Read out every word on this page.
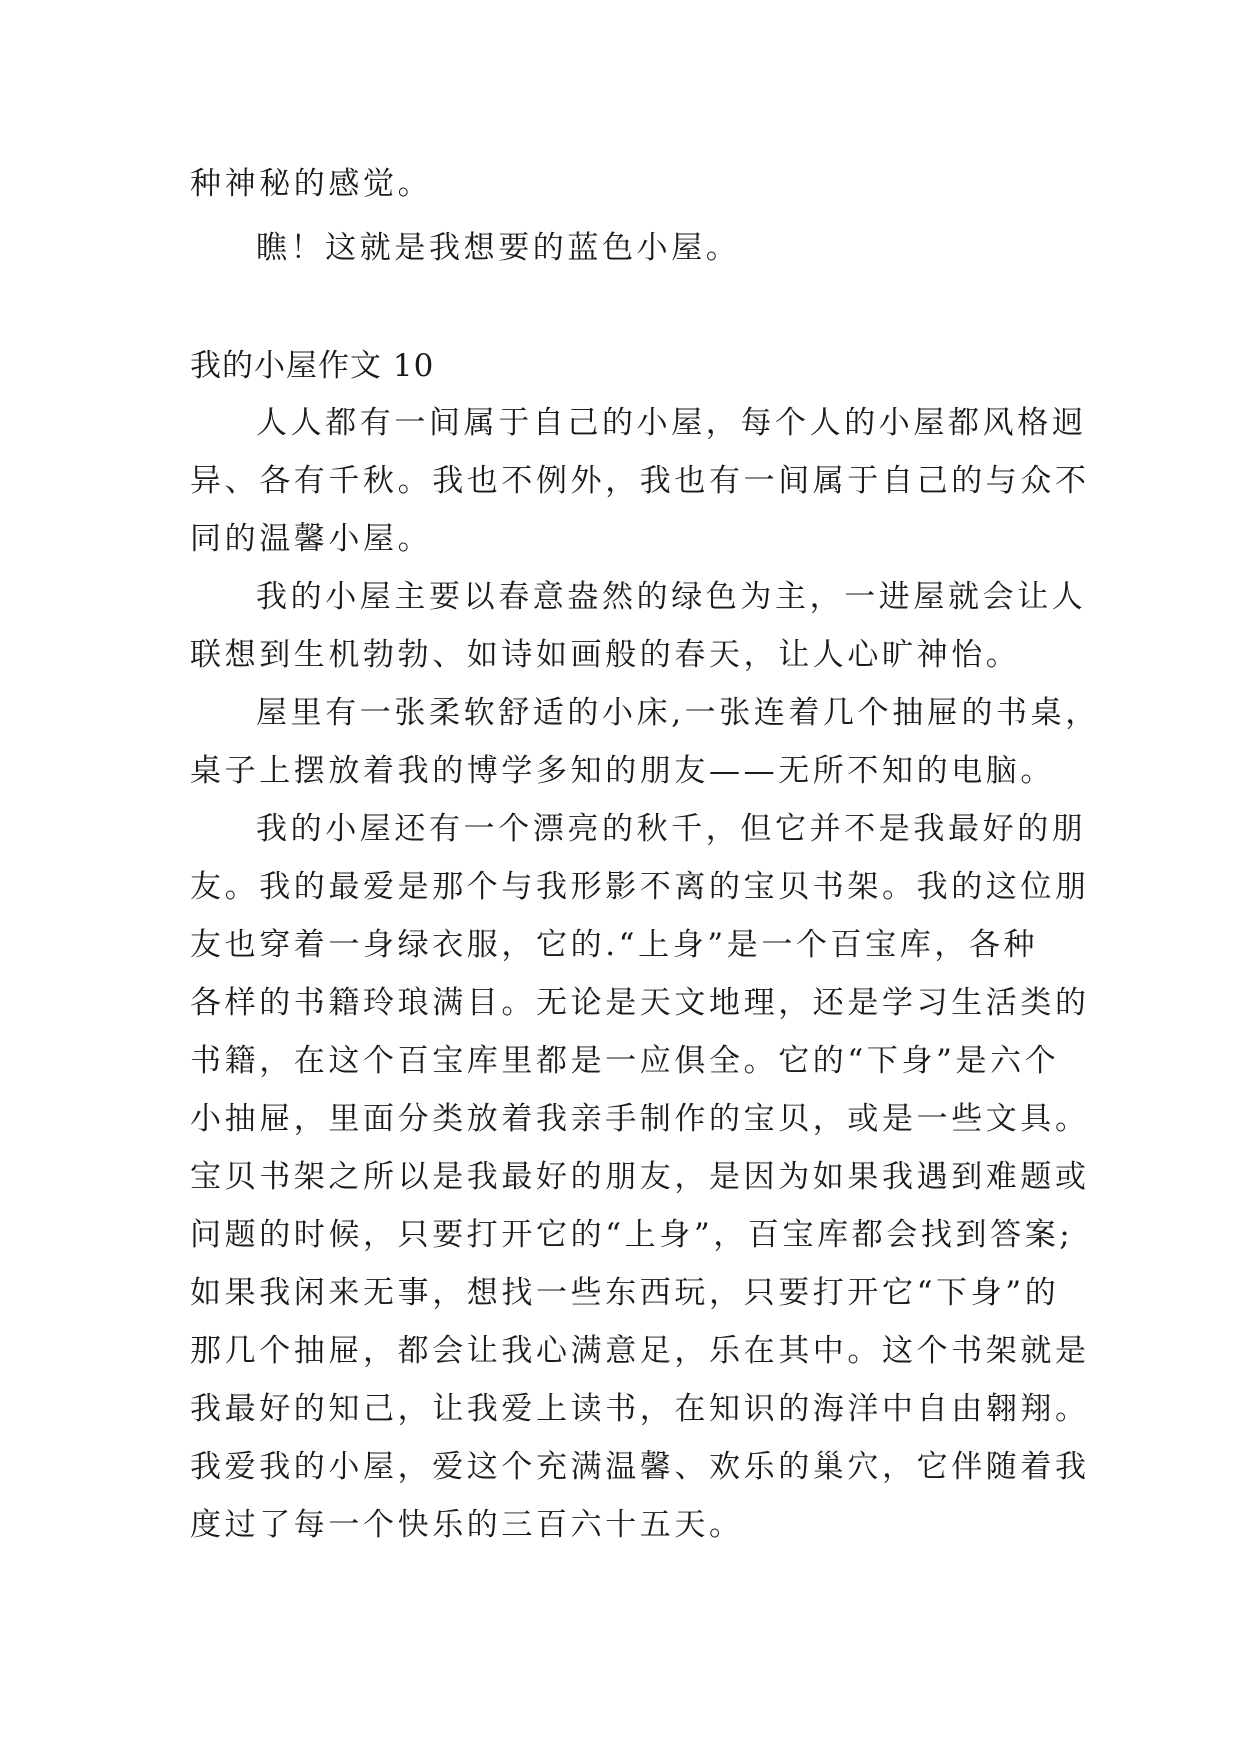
种神秘的感觉。
瞧！这就是我想要的蓝色小屋。
我的小屋作文 10
人人都有一间属于自己的小屋，每个人的小屋都风格迥
异、各有千秋。我也不例外，我也有一间属于自己的与众不
同的温馨小屋。
我的小屋主要以春意盎然的绿色为主，一进屋就会让人
联想到生机勃勃、如诗如画般的春天，让人心旷神怡。
屋里有一张柔软舒适的小床,一张连着几个抽屉的书桌，
桌子上摆放着我的博学多知的朋友——无所不知的电脑。
我的小屋还有一个漂亮的秋千，但它并不是我最好的朋
友。我的最爱是那个与我形影不离的宝贝书架。我的这位朋
友也穿着一身绿衣服，它的.“上身”是一个百宝库，各种
各样的书籍玲琅满目。无论是天文地理，还是学习生活类的
书籍，在这个百宝库里都是一应俱全。它的“下身”是六个
小抽屉，里面分类放着我亲手制作的宝贝，或是一些文具。
宝贝书架之所以是我最好的朋友，是因为如果我遇到难题或
问题的时候，只要打开它的“上身”，百宝库都会找到答案;
如果我闲来无事，想找一些东西玩，只要打开它“下身”的
那几个抽屉，都会让我心满意足，乐在其中。这个书架就是
我最好的知己，让我爱上读书，在知识的海洋中自由翱翔。
我爱我的小屋，爱这个充满温馨、欢乐的巢穴，它伴随着我
度过了每一个快乐的三百六十五天。
